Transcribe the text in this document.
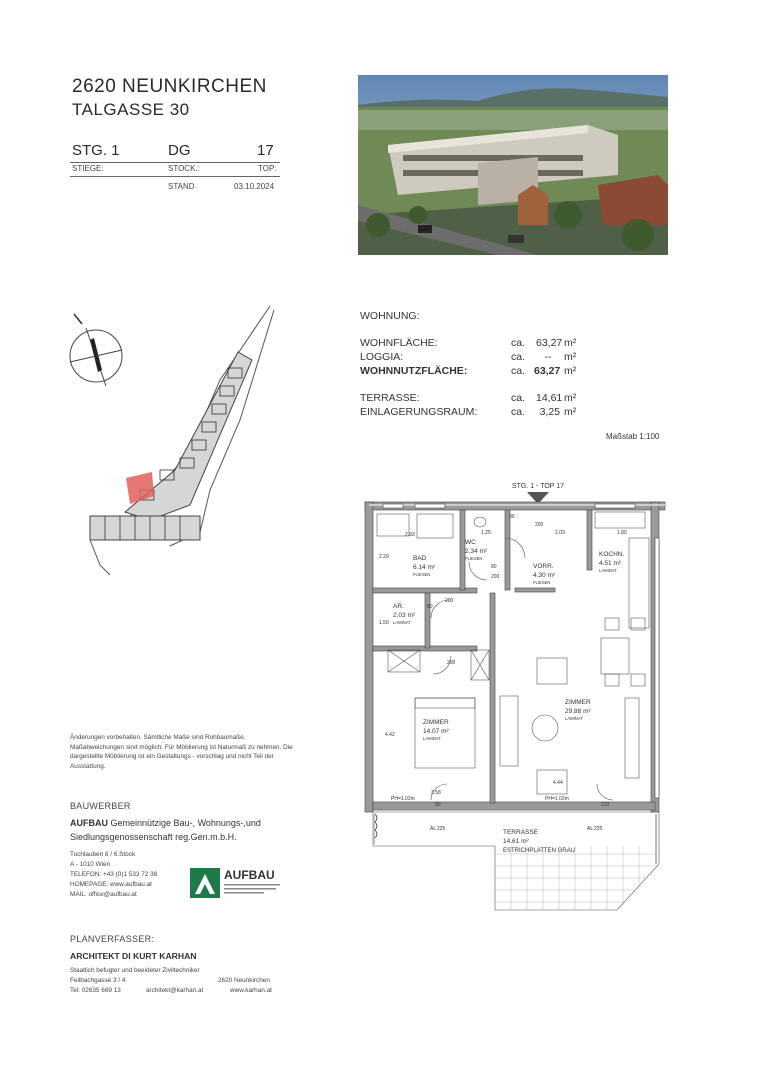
2620 NEUNKIRCHEN
TALGASSE 30
STG. 1	DG	17
STIEGE:	STOCK.:	TOP:
STAND	03.10.2024
WOHNUNG:
WOHNFLÄCHE:	ca. 63,27 m²
LOGGIA:	ca.	--	m²
WOHNNUTZFLÄCHE:	ca. 63,27 m²
TERRASSE:	ca. 14,61 m²
EINLAGERUNGSRAUM:	ca.	3,25 m²
Maßstab 1:100
STG. 1 - TOP 17
BAD
6.14 m²
FLIESEN
WC
2.34 m²
FLIESEN
VORR.
4.30 m²
FLIESEN
KOCHN.
4.51 m²
LAMINAT
AR.
2.03 m²
LAMINAT
ZIMMER
14.07 m²
LAMINAT
ZIMMER
29.88 m²
LAMINAT
TERRASSE
14.61 m²
ESTRICHPLATTEN GRAU
2.93	1.25	2.03	1.80
2.29
1.50
4.42
3.58
4.44
80
200
90
200
80
200
200
80	210
AL 225	AL 225
PH=1.02m	PH=1.02m
Änderungen vorbehalten. Sämtliche Maße sind Rohbaumaße. Maßabweichungen sind möglich. Für Möblierung ist Naturmaß zu nehmen. Die dargestellte Möblierung ist ein Gestaltungs - vorschlag und nicht Teil der Ausstattung.
BAUWERBER
AUFBAU Gemeinnützige Bau-, Wohnungs-,und
Siedlungsgenossenschaft reg.Gen.m.b.H.
Tuchlauben 8 / 6.Stock
A - 1010 Wien
TELEFON: +43 (0)1 533 72 38
HOMEPAGE: www.aufbau.at
MAIL: office@aufbau.at
AUFBAU
PLANVERFASSER:
ARCHITEKT DI KURT KARHAN
Staatlich befugter und beeideter Ziviltechniker
Feilbachgasse 3 / 4	2620 Neunkirchen
Tel. 02635 669 13	architekt@karhan.at	www.karhan.at
